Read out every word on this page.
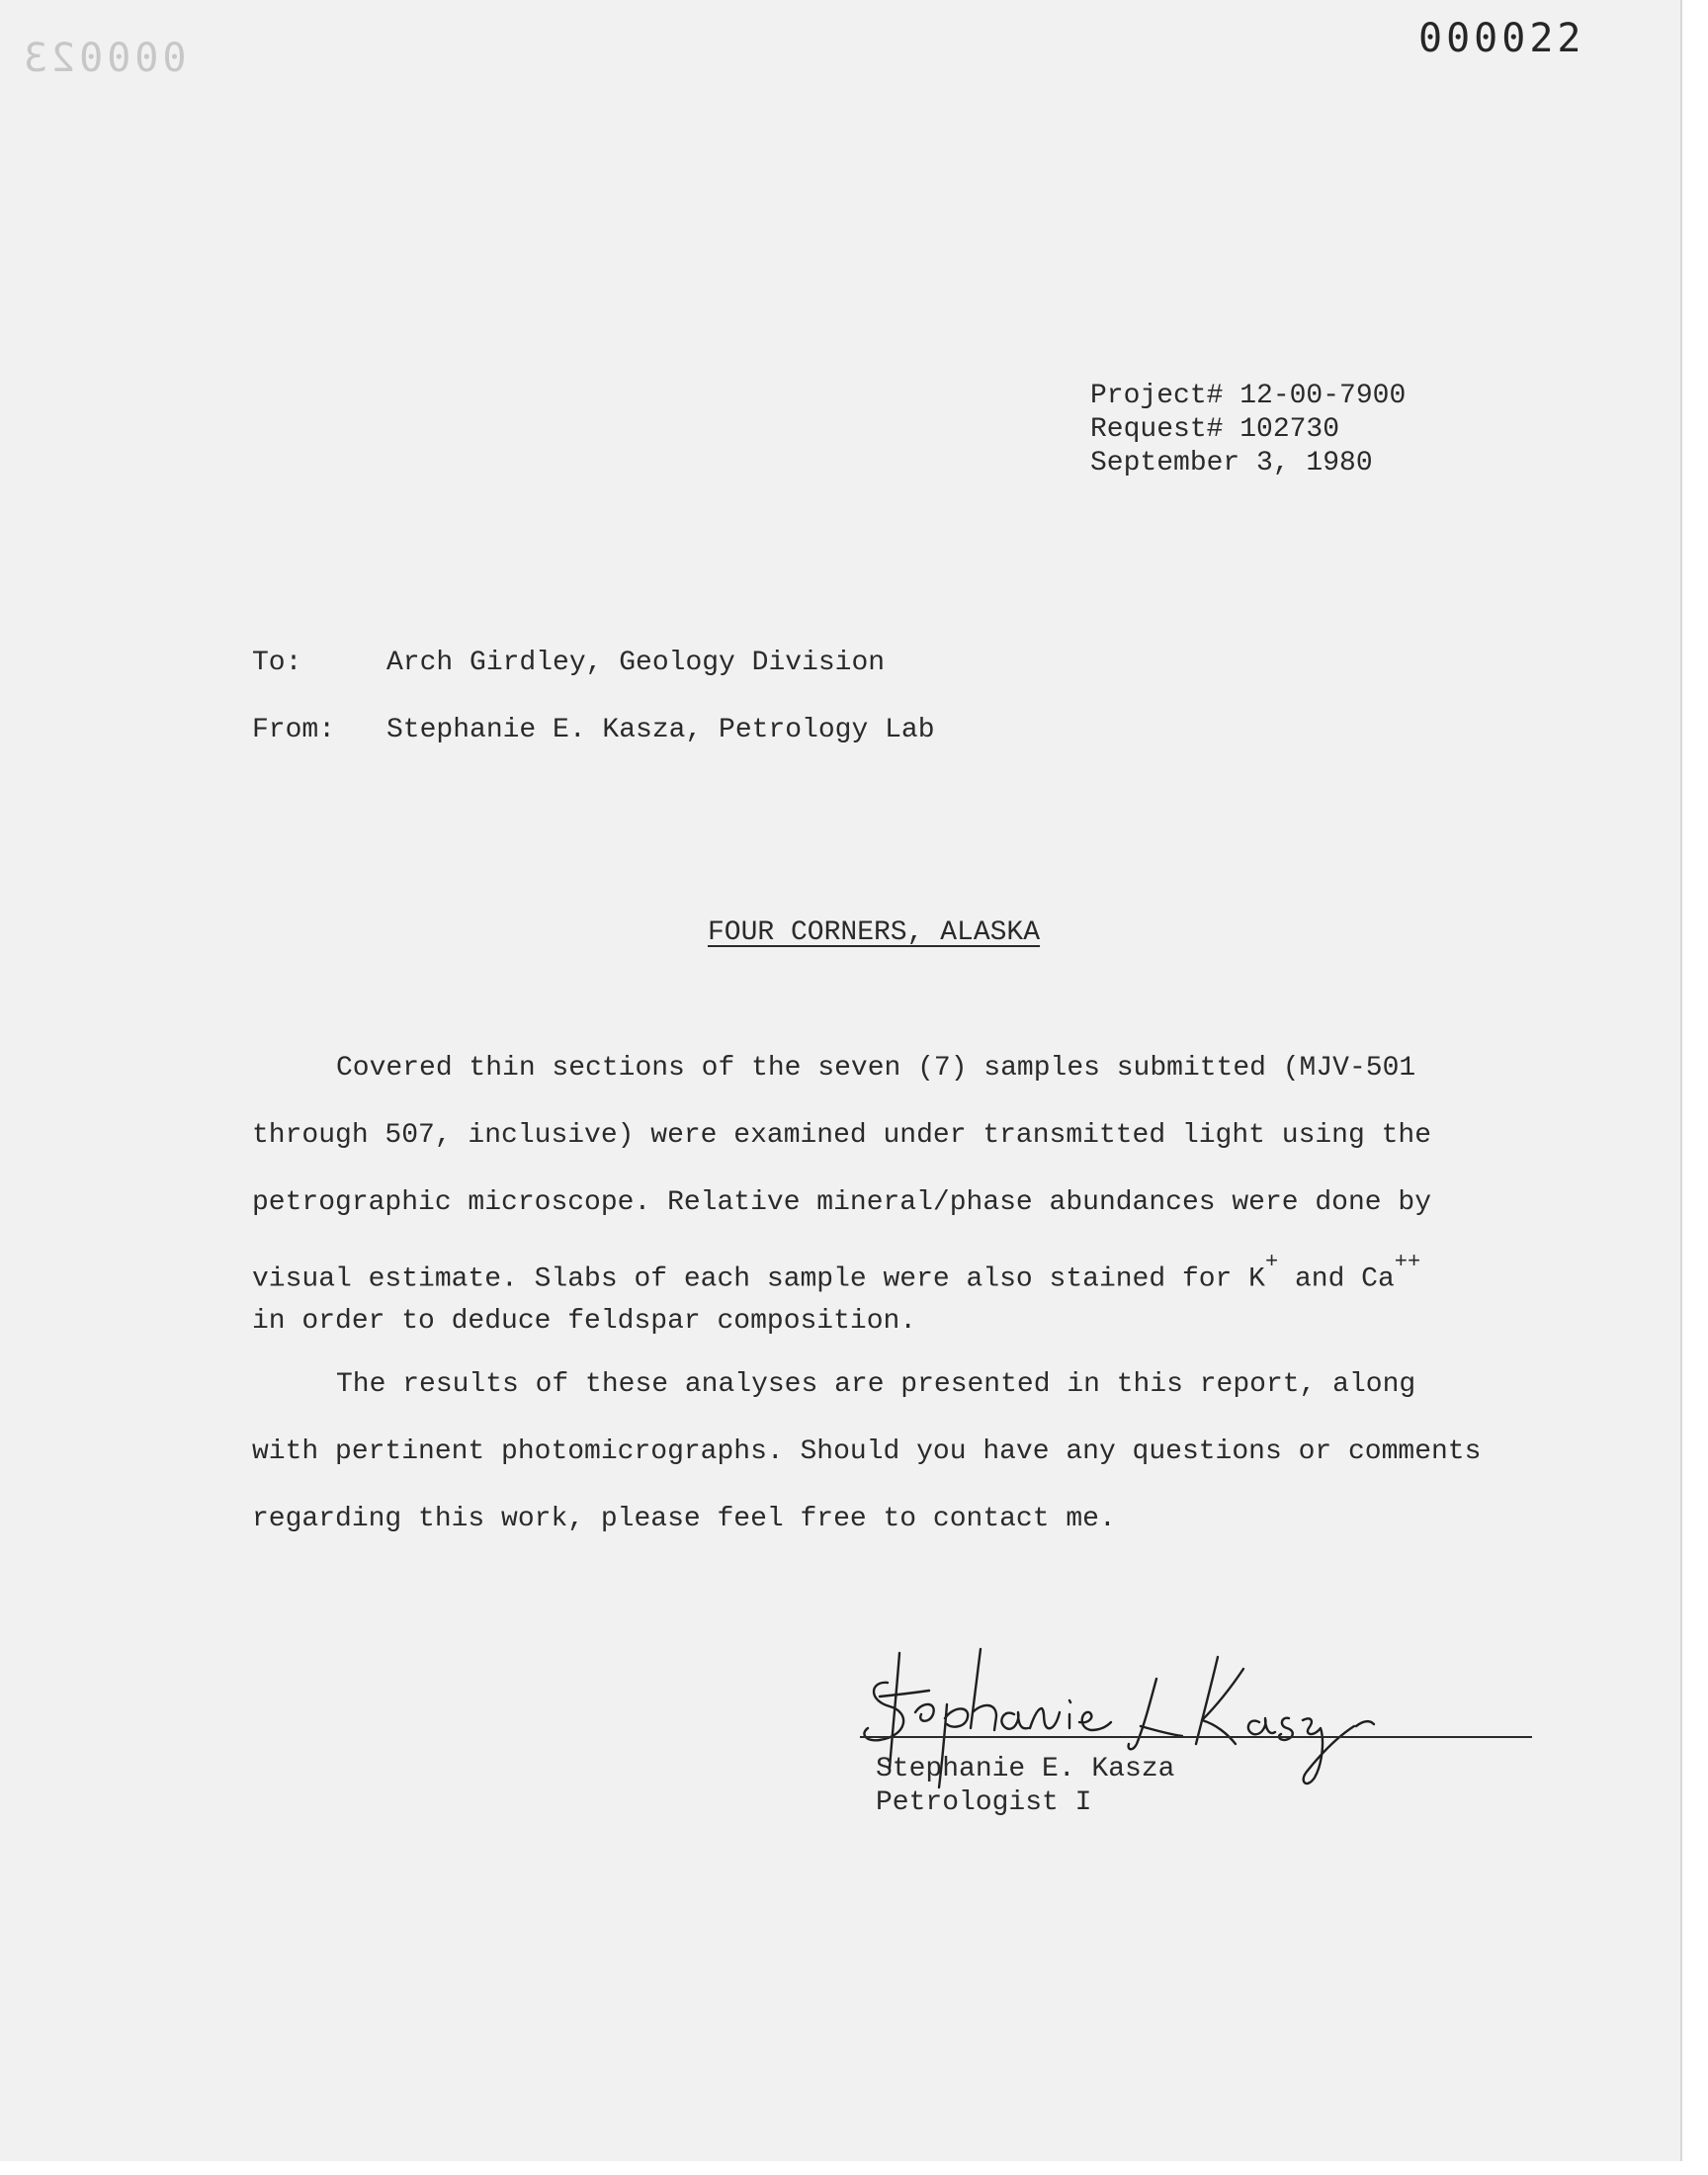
000023	000022
Project# 12-00-7900
Request# 102730
September 3, 1980
To:	Arch Girdley, Geology Division
From: Stephanie E. Kasza, Petrology Lab
FOUR CORNERS, ALASKA
Covered thin sections of the seven (7) samples submitted (MJV-501
through 507, inclusive) were examined under transmitted light using the
petrographic microscope. Relative mineral/phase abundances were done by
visual estimate. Slabs of each sample were also stained for K+ and Ca++
in order to deduce feldspar composition.
The results of these analyses are presented in this report, along
with pertinent photomicrographs. Should you have any questions or comments
regarding this work, please feel free to contact me.
Stephanie E. Kasza
Petrologist I
